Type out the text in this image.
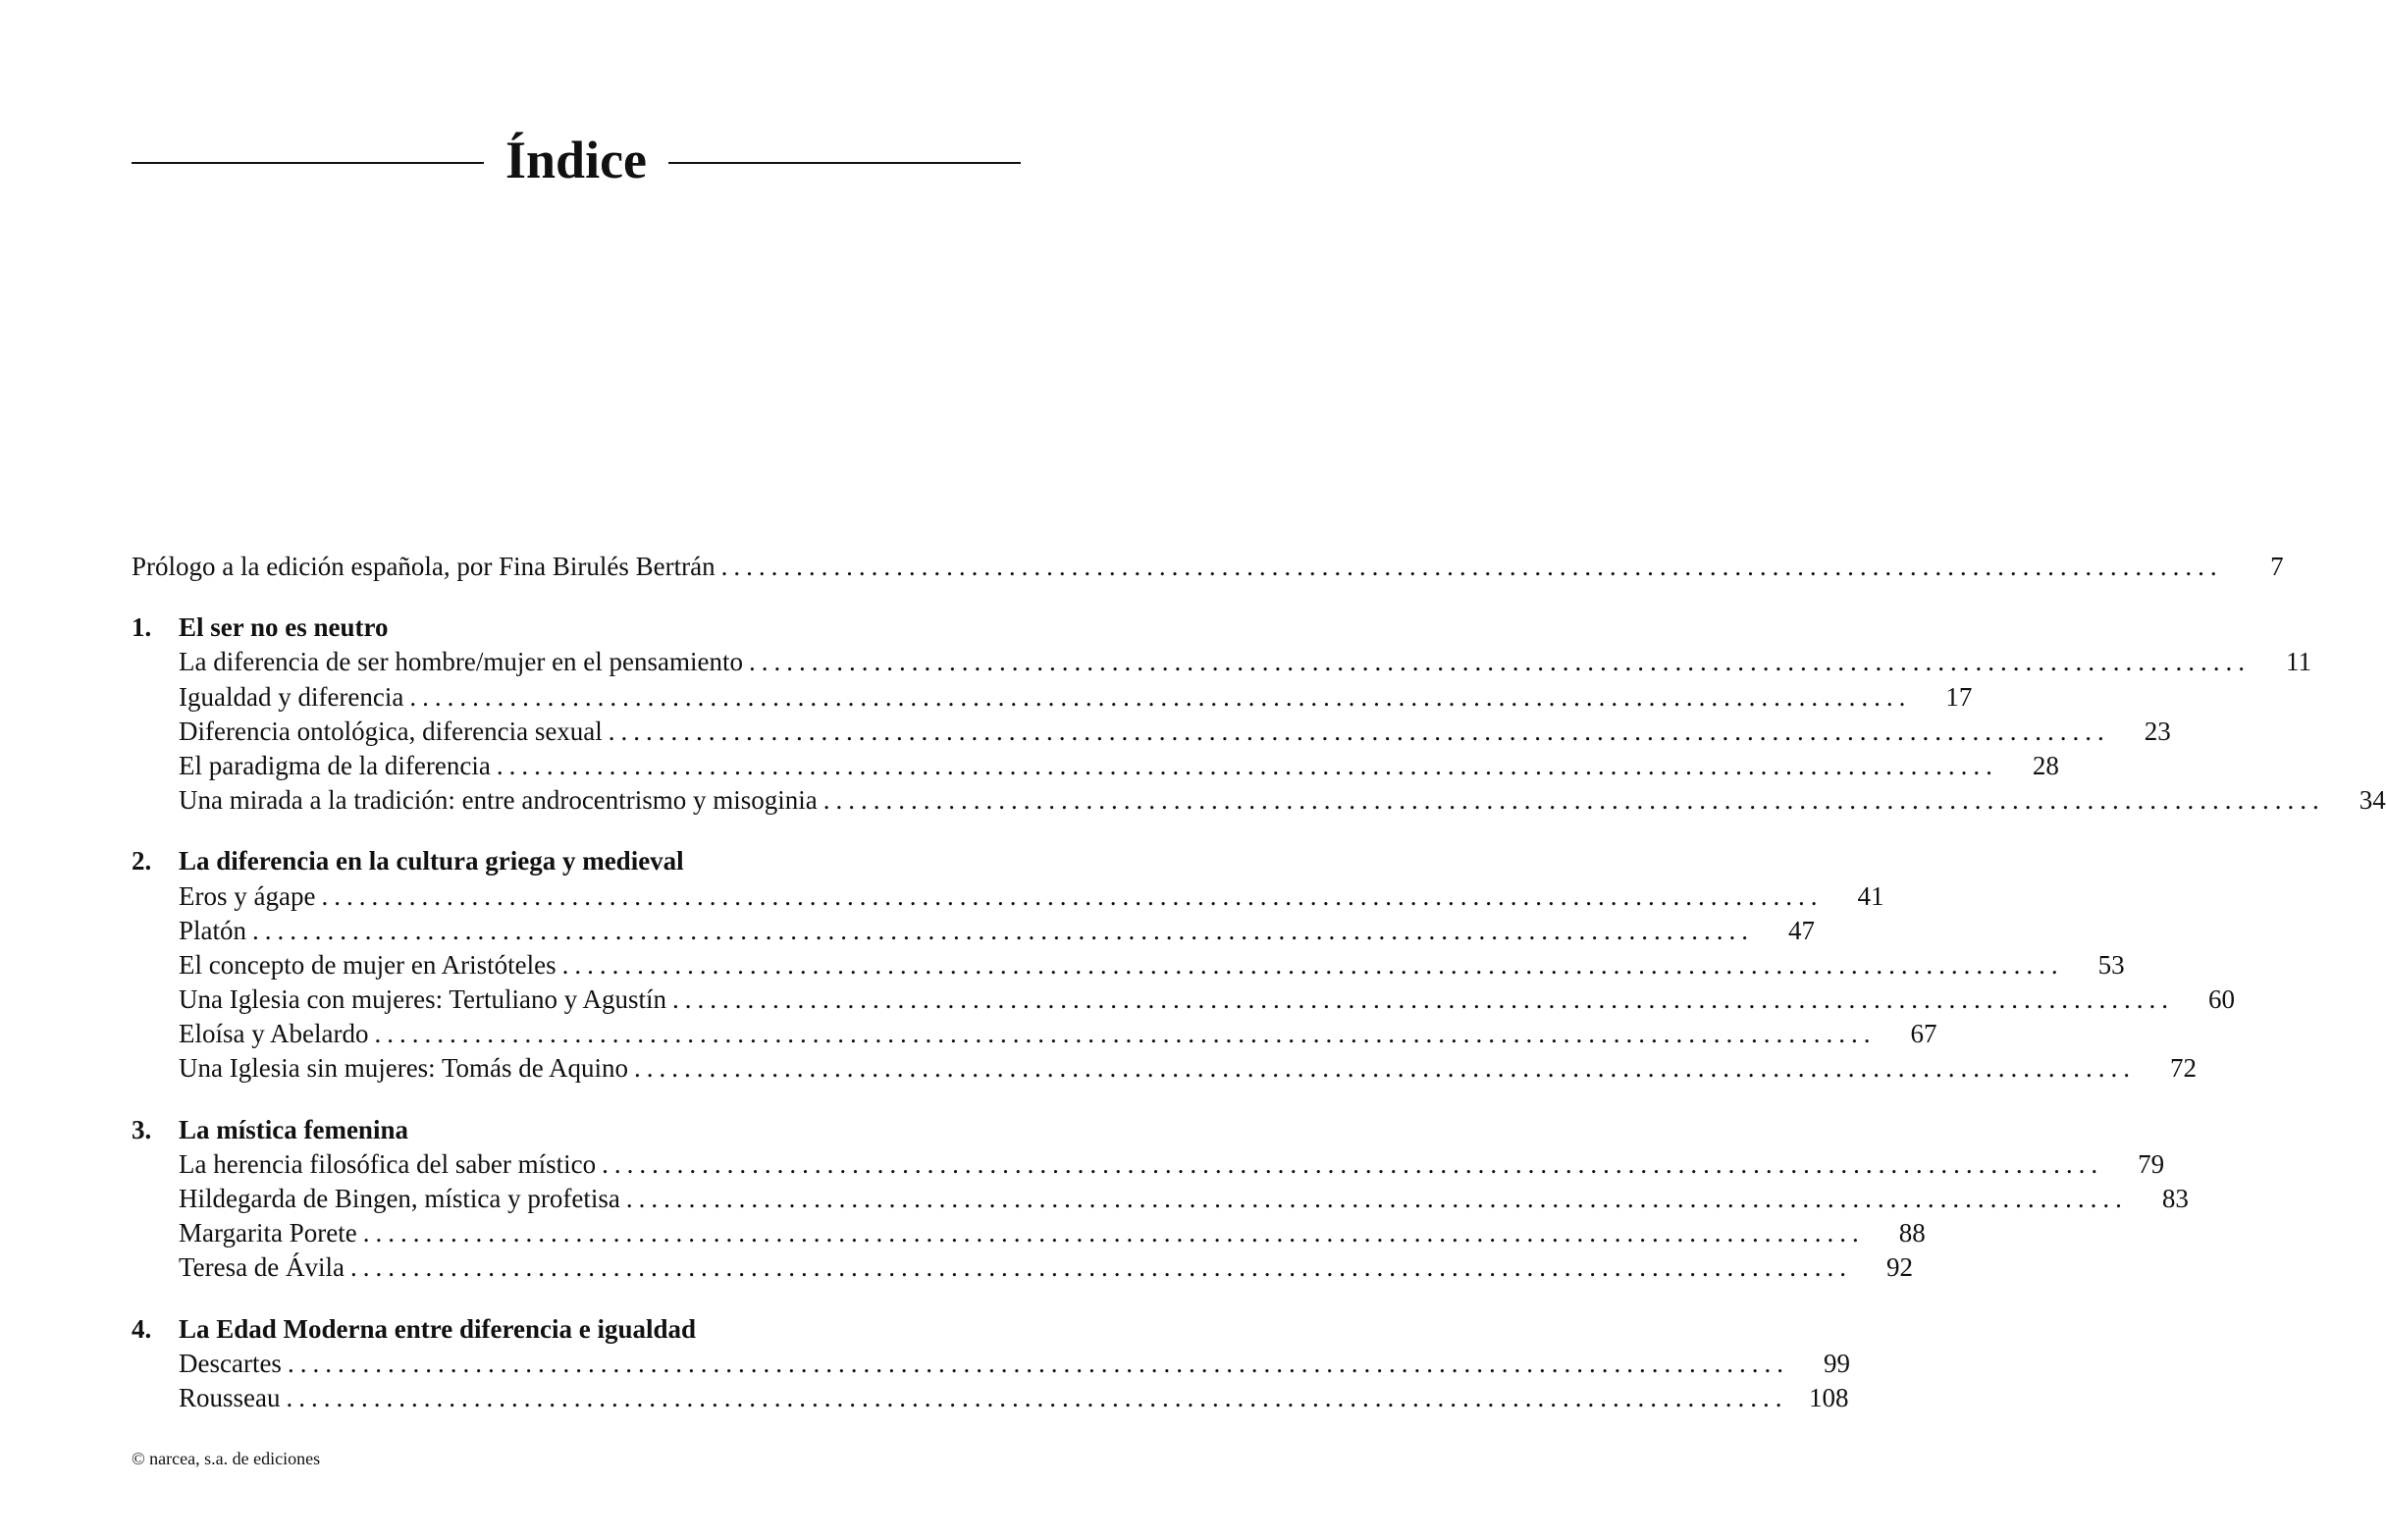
Índice
Prólogo a la edición española, por Fina Birulés Bertrán ........................................................................................................................	7
1.	El ser no es neutro
La diferencia de ser hombre/mujer en el pensamiento ........................................................................................................................	11
Igualdad y diferencia ........................................................................................................................	17
Diferencia ontológica, diferencia sexual ........................................................................................................................	23
El paradigma de la diferencia ........................................................................................................................	28
Una mirada a la tradición: entre androcentrismo y misoginia ........................................................................................................................	34
2.	La diferencia en la cultura griega y medieval
Eros y ágape ........................................................................................................................	41
Platón ........................................................................................................................	47
El concepto de mujer en Aristóteles ........................................................................................................................	53
Una Iglesia con mujeres: Tertuliano y Agustín ........................................................................................................................	60
Eloísa y Abelardo ........................................................................................................................	67
Una Iglesia sin mujeres: Tomás de Aquino ........................................................................................................................	72
3.	La mística femenina
La herencia filosófica del saber místico ........................................................................................................................	79
Hildegarda de Bingen, mística y profetisa ........................................................................................................................	83
Margarita Porete ........................................................................................................................	88
Teresa de Ávila ........................................................................................................................	92
4.	La Edad Moderna entre diferencia e igualdad
Descartes ........................................................................................................................	99
Rousseau ........................................................................................................................ 108
© narcea, s.a. de ediciones
